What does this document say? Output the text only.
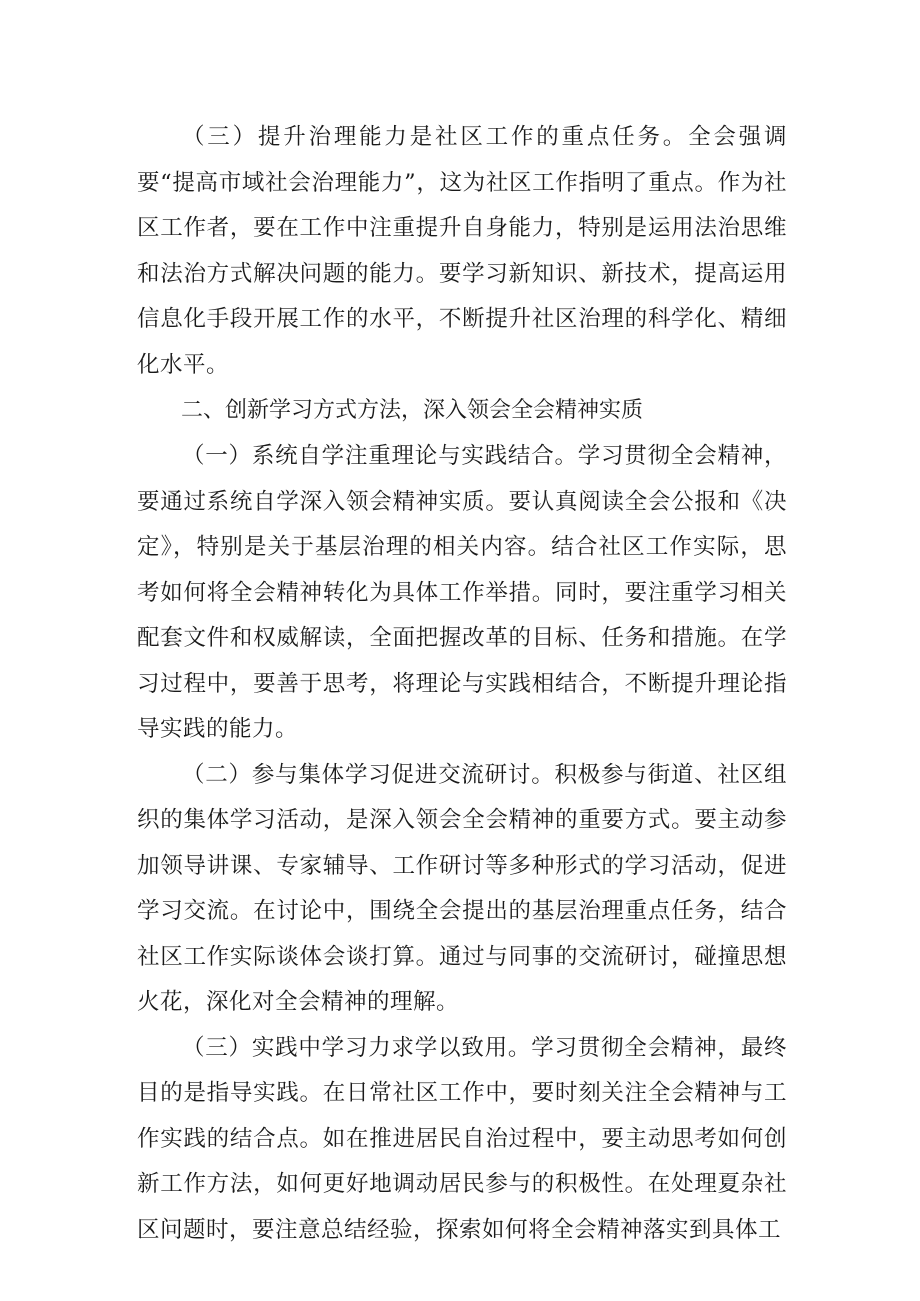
（三）提升治理能力是社区工作的重点任务。全会强调要“提高市域社会治理能力”，这为社区工作指明了重点。作为社区工作者，要在工作中注重提升自身能力，特别是运用法治思维和法治方式解决问题的能力。要学习新知识、新技术，提高运用信息化手段开展工作的水平，不断提升社区治理的科学化、精细化水平。

二、创新学习方式方法，深入领会全会精神实质

（一）系统自学注重理论与实践结合。学习贯彻全会精神，要通过系统自学深入领会精神实质。要认真阅读全会公报和《决定》，特别是关于基层治理的相关内容。结合社区工作实际，思考如何将全会精神转化为具体工作举措。同时，要注重学习相关配套文件和权威解读，全面把握改革的目标、任务和措施。在学习过程中，要善于思考，将理论与实践相结合，不断提升理论指导实践的能力。

（二）参与集体学习促进交流研讨。积极参与街道、社区组织的集体学习活动，是深入领会全会精神的重要方式。要主动参加领导讲课、专家辅导、工作研讨等多种形式的学习活动，促进学习交流。在讨论中，围绕全会提出的基层治理重点任务，结合社区工作实际谈体会谈打算。通过与同事的交流研讨，碰撞思想火花，深化对全会精神的理解。

（三）实践中学习力求学以致用。学习贯彻全会精神，最终目的是指导实践。在日常社区工作中，要时刻关注全会精神与工作实践的结合点。如在推进居民自治过程中，要主动思考如何创新工作方法，如何更好地调动居民参与的积极性。在处理夏杂社区问题时，要注意总结经验，探索如何将全会精神落实到具体工
